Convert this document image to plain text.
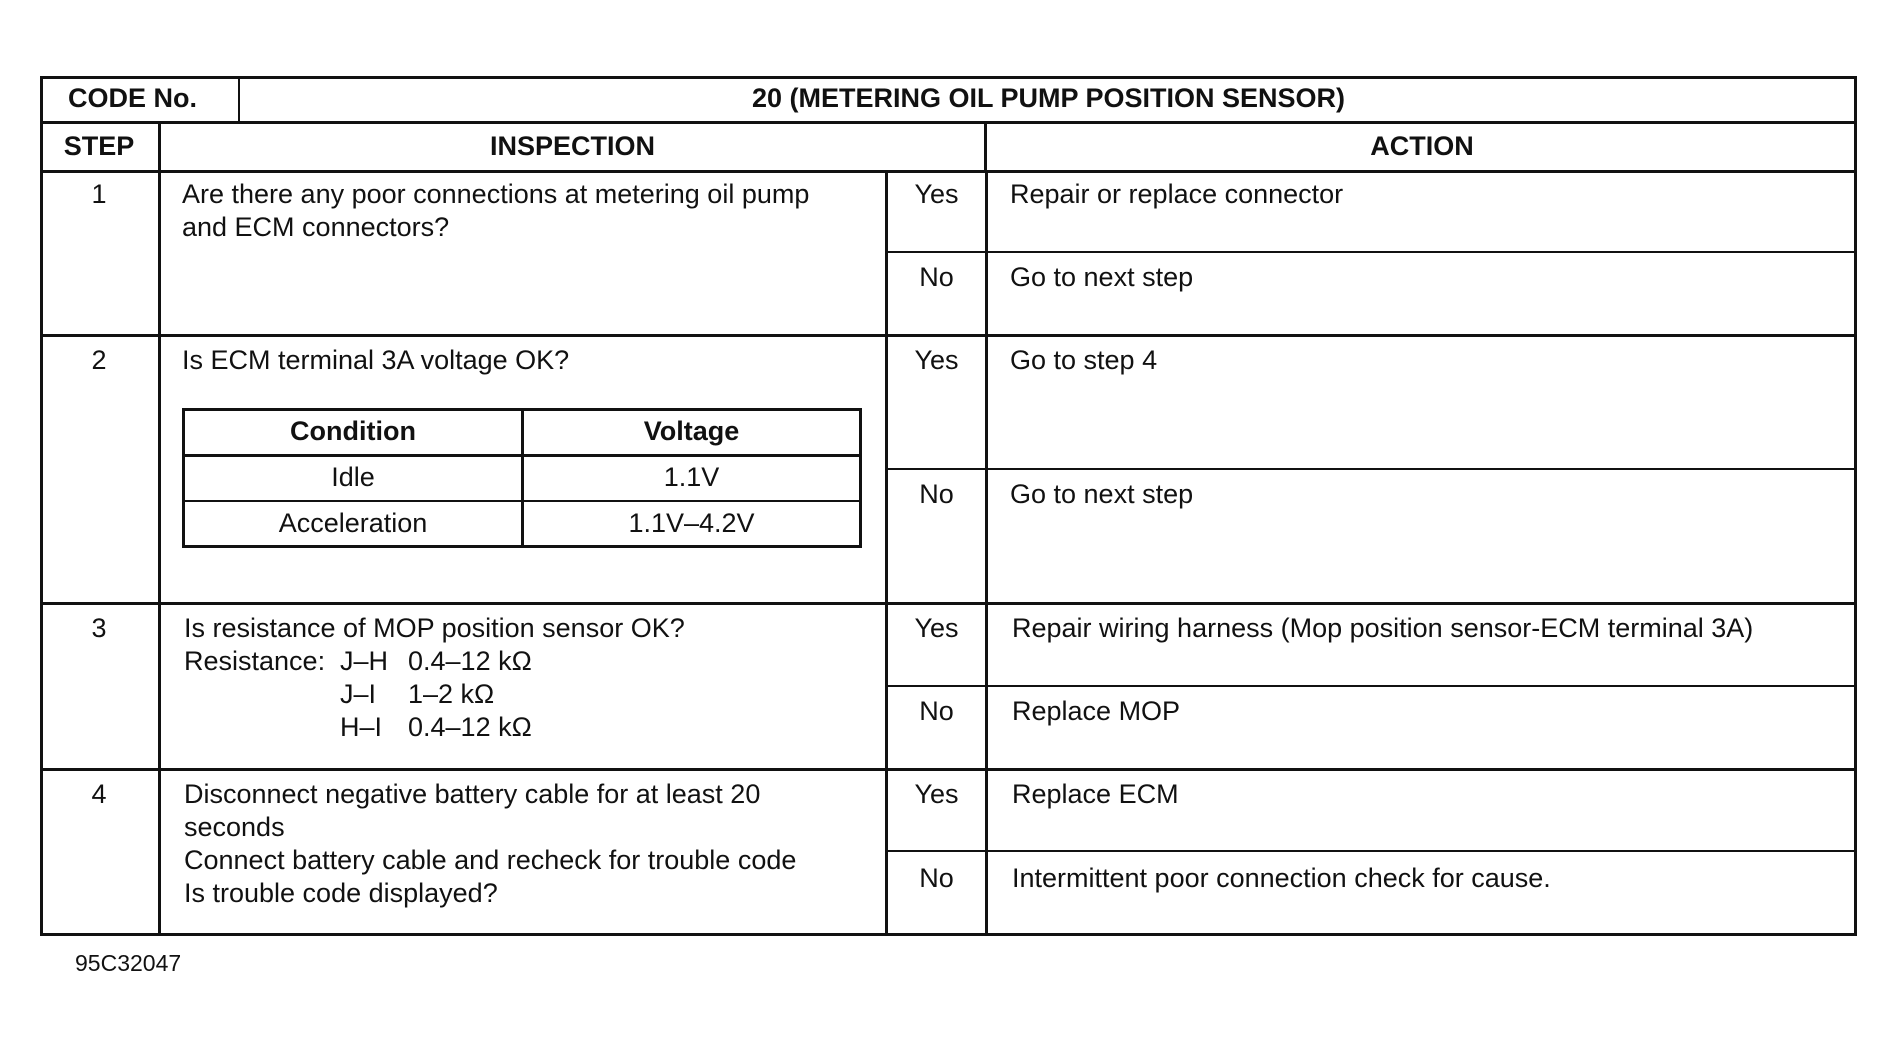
CODE No.	20 (METERING OIL PUMP POSITION SENSOR)
STEP	INSPECTION	ACTION
1	Are there any poor connections at metering oil pump
and ECM connectors?
Yes	Repair or replace connector
No	Go to next step
2	Is ECM terminal 3A voltage OK?	Yes	Go to step 4
No	Go to next step
Condition	Voltage
Idle	1.1V
Acceleration	1.1V–4.2V
3	Is resistance of MOP position sensor OK?
Resistance: J–H 0.4–12 kΩ
J–I 1–2 kΩ
H–I 0.4–12 kΩ
Yes	Repair wiring harness (Mop position sensor-ECM terminal 3A)
No	Replace MOP
4	Disconnect negative battery cable for at least 20
seconds
Connect battery cable and recheck for trouble code
Is trouble code displayed?
Yes	Replace ECM
No	Intermittent poor connection check for cause.
95C32047
